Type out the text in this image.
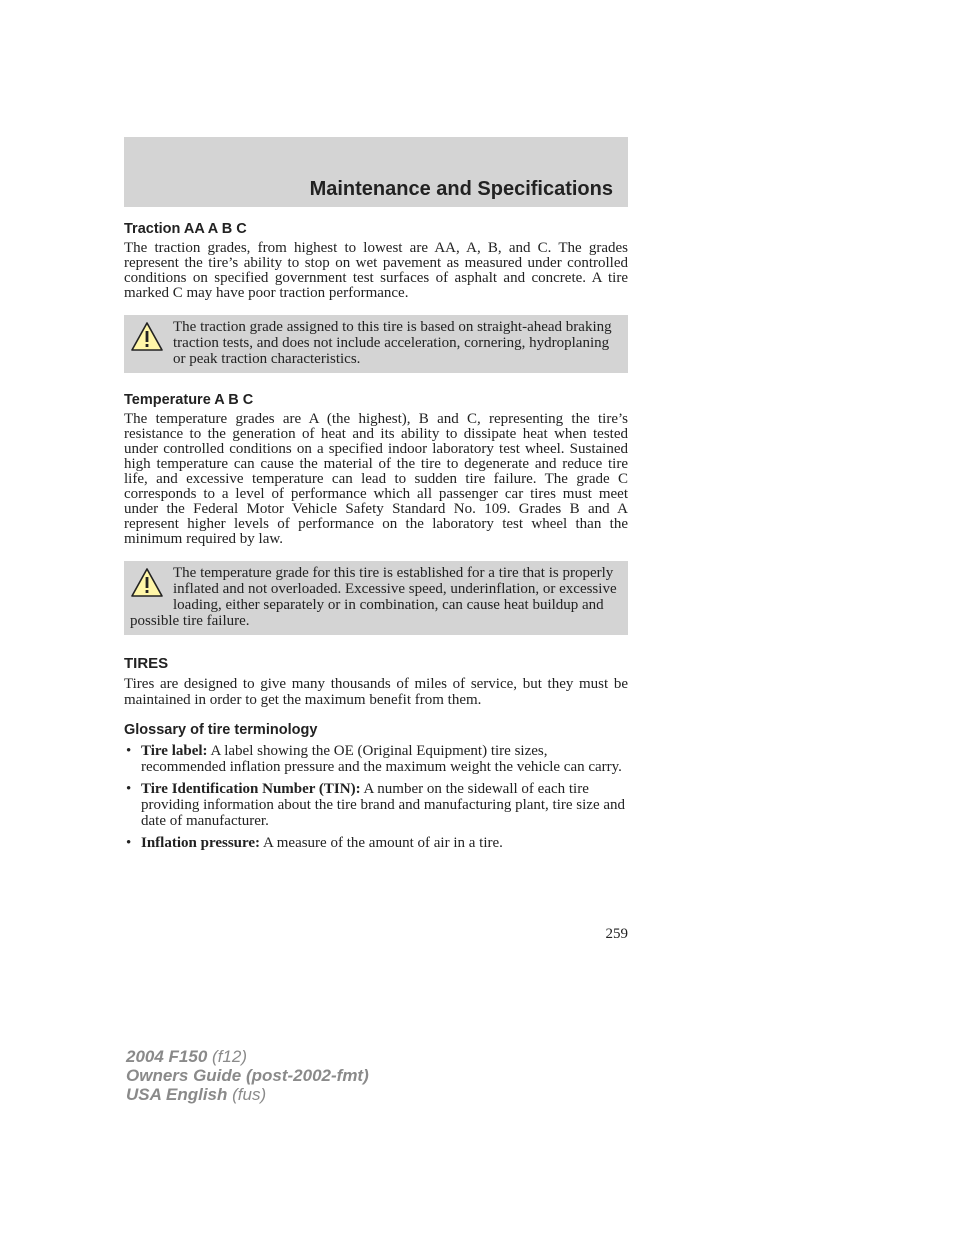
Maintenance and Specifications
Traction AA A B C

The traction grades, from highest to lowest are AA, A, B, and C. The grades represent the tire’s ability to stop on wet pavement as measured under controlled conditions on specified government test surfaces of asphalt and concrete. A tire marked C may have poor traction performance.

The traction grade assigned to this tire is based on straight-ahead braking traction tests, and does not include acceleration, cornering, hydroplaning or peak traction characteristics.
Temperature A B C

The temperature grades are A (the highest), B and C, representing the tire’s resistance to the generation of heat and its ability to dissipate heat when tested under controlled conditions on a specified indoor laboratory test wheel. Sustained high temperature can cause the material of the tire to degenerate and reduce tire life, and excessive temperature can lead to sudden tire failure. The grade C corresponds to a level of performance which all passenger car tires must meet under the Federal Motor Vehicle Safety Standard No. 109. Grades B and A represent higher levels of performance on the laboratory test wheel than the minimum required by law.

The temperature grade for this tire is established for a tire that is properly inflated and not overloaded. Excessive speed, underinflation, or excessive loading, either separately or in combination, can cause heat buildup and possible tire failure.
TIRES

Tires are designed to give many thousands of miles of service, but they must be maintained in order to get the maximum benefit from them.

Glossary of tire terminology
• Tire label: A label showing the OE (Original Equipment) tire sizes, recommended inflation pressure and the maximum weight the vehicle can carry.
• Tire Identification Number (TIN): A number on the sidewall of each tire providing information about the tire brand and manufacturing plant, tire size and date of manufacturer.
• Inflation pressure: A measure of the amount of air in a tire.
259
2004 F150 (f12)
Owners Guide (post-2002-fmt)
USA English (fus)
